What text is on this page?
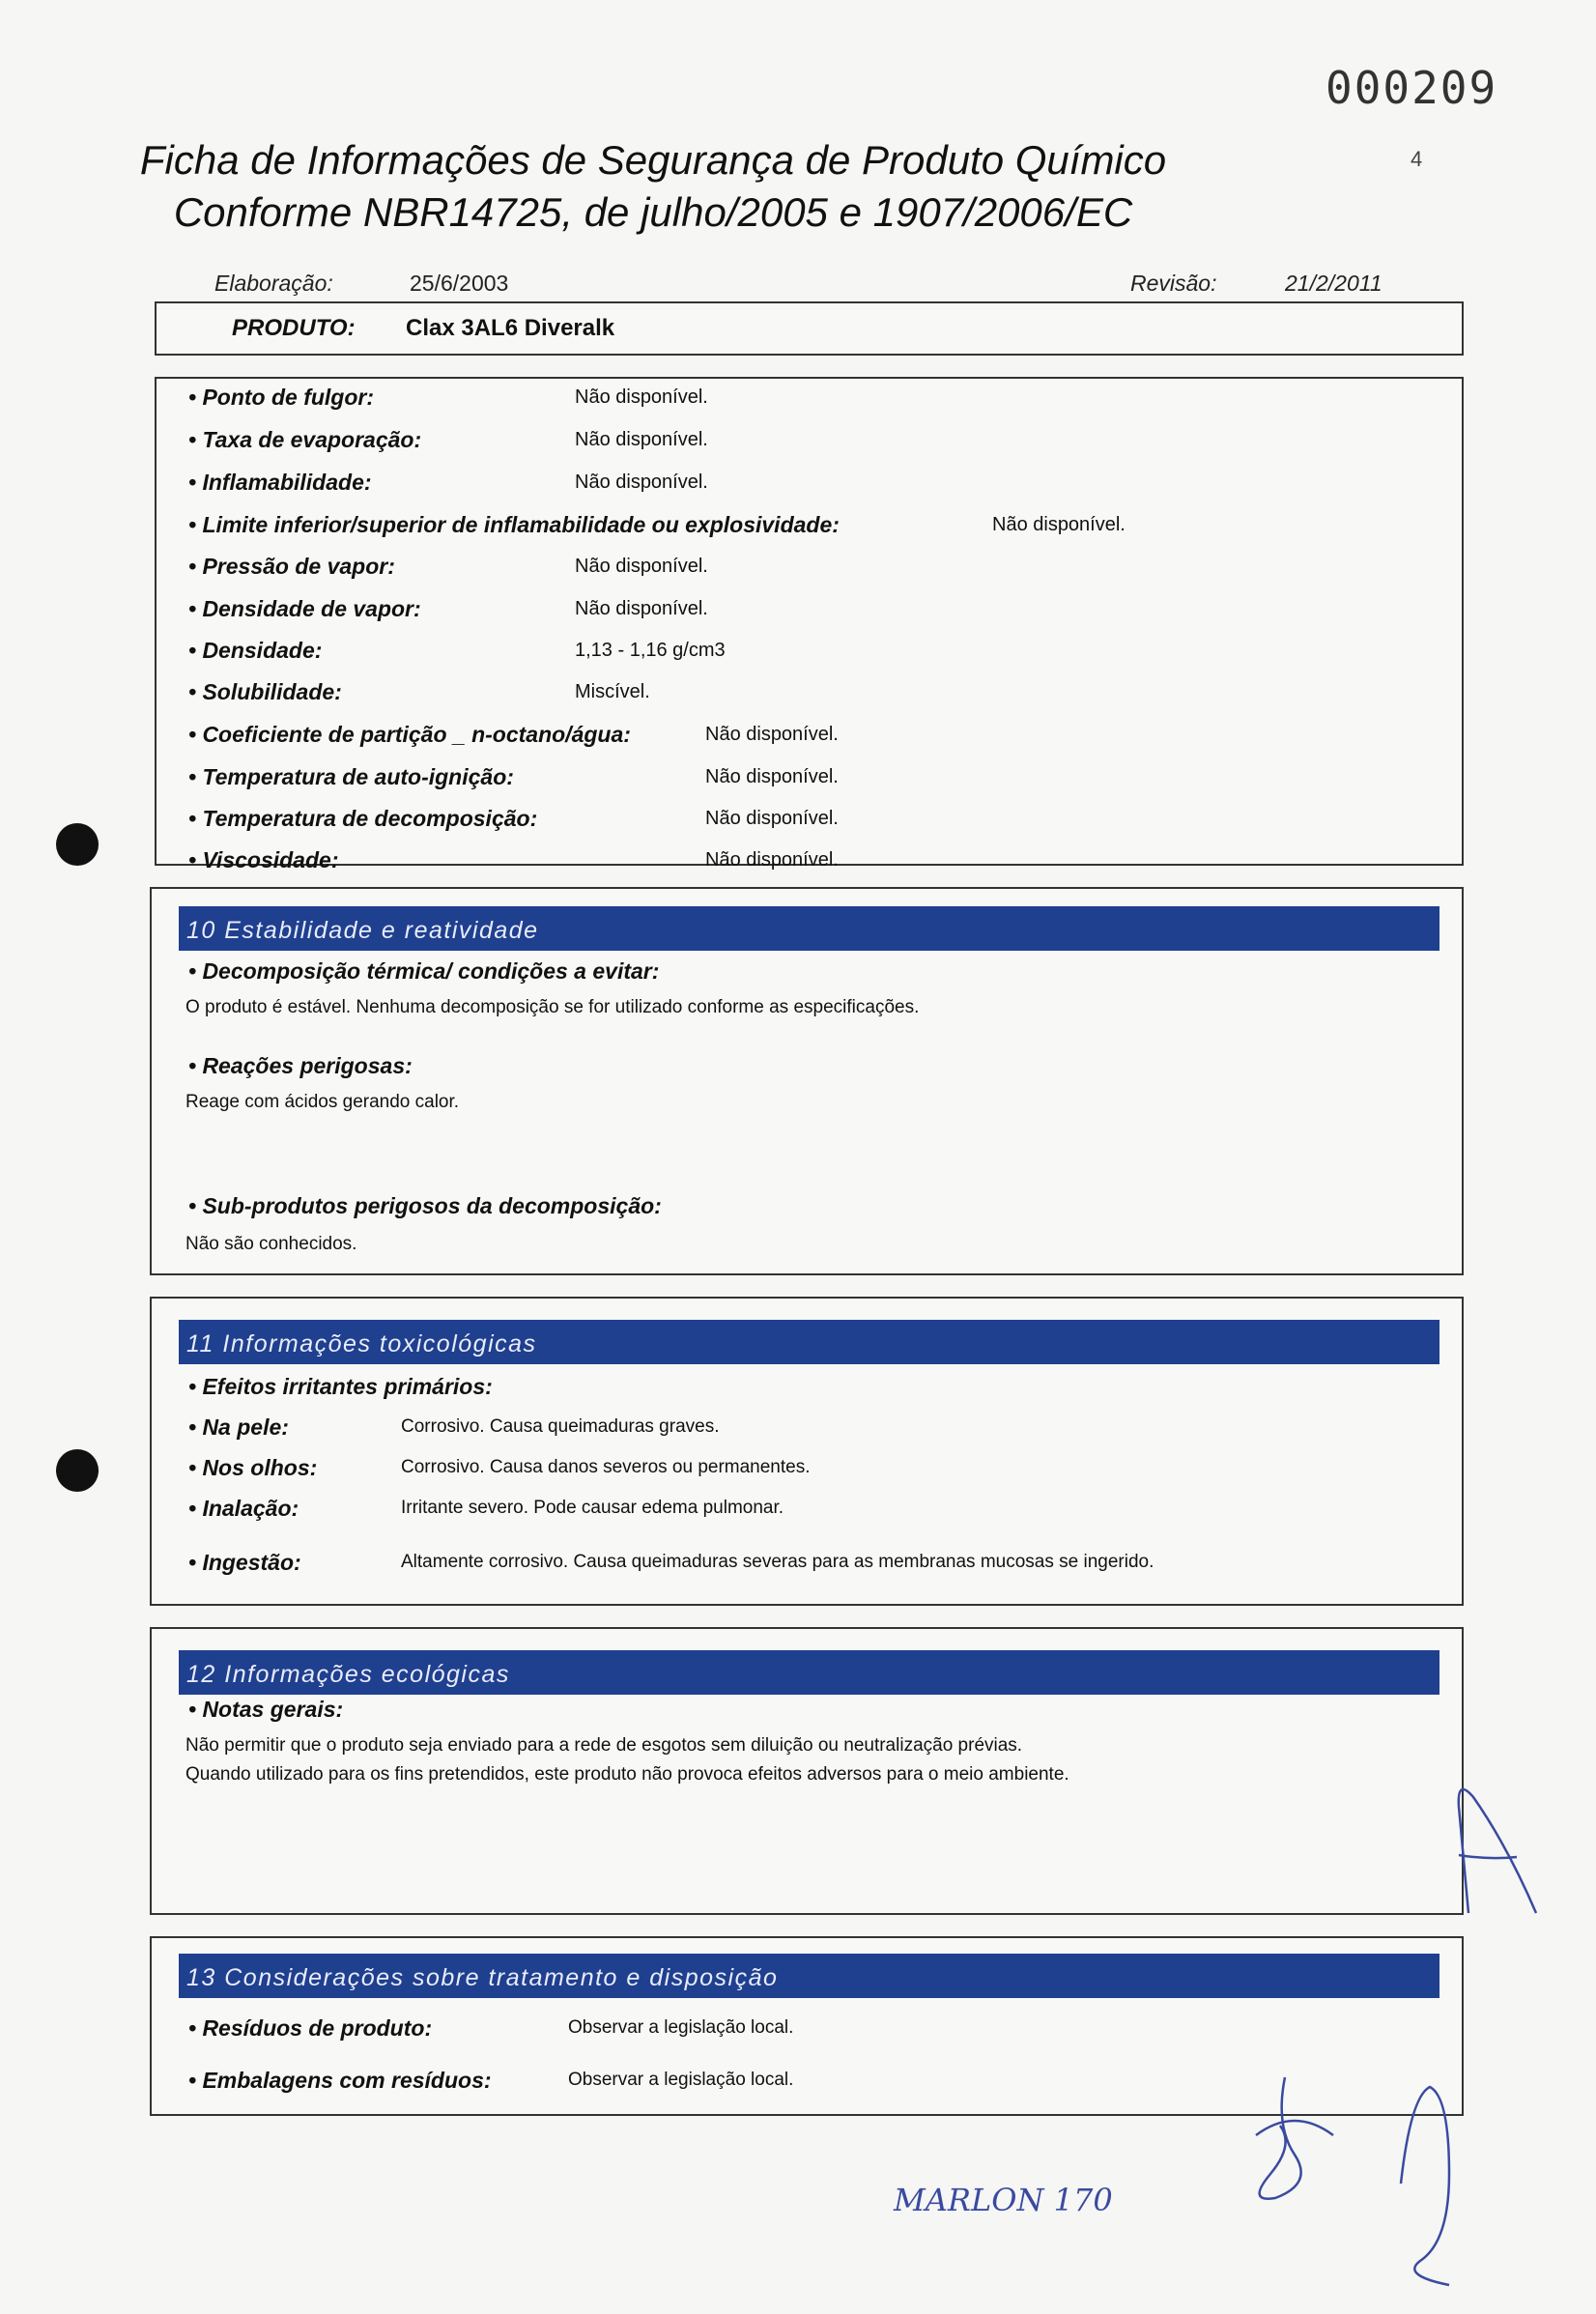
000209
4
Ficha de Informações de Segurança de Produto Químico
Conforme NBR14725, de julho/2005 e 1907/2006/EC
Elaboração:	25/6/2003	Revisão:	21/2/2011
PRODUTO: Clax 3AL6 Diveralk
• Ponto de fulgor:	Não disponível.
• Taxa de evaporação:	Não disponível.
• Inflamabilidade:	Não disponível.
• Limite inferior/superior de inflamabilidade ou explosividade:	Não disponível.
• Pressão de vapor:	Não disponível.
• Densidade de vapor:	Não disponível.
• Densidade:	1,13 - 1,16 g/cm3
• Solubilidade:	Miscível.
• Coeficiente de partição _ n-octano/água:	Não disponível.
• Temperatura de auto-ignição:	Não disponível.
• Temperatura de decomposição:	Não disponível.
• Viscosidade:	Não disponível.
10 Estabilidade e reatividade
• Decomposição térmica/ condições a evitar:
O produto é estável. Nenhuma decomposição se for utilizado conforme as especificações.
• Reações perigosas:
Reage com ácidos gerando calor.
• Sub-produtos perigosos da decomposição:
Não são conhecidos.
11 Informações toxicológicas
• Efeitos irritantes primários:
• Na pele:	Corrosivo. Causa queimaduras graves.
• Nos olhos:	Corrosivo. Causa danos severos ou permanentes.
• Inalação:	Irritante severo. Pode causar edema pulmonar.
• Ingestão:	Altamente corrosivo. Causa queimaduras severas para as membranas mucosas se ingerido.
12 Informações ecológicas
• Notas gerais:
Não permitir que o produto seja enviado para a rede de esgotos sem diluição ou neutralização prévias.
Quando utilizado para os fins pretendidos, este produto não provoca efeitos adversos para o meio ambiente.
13 Considerações sobre tratamento e disposição
• Resíduos de produto:	Observar a legislação local.
• Embalagens com resíduos:	Observar a legislação local.
MARLON 170
